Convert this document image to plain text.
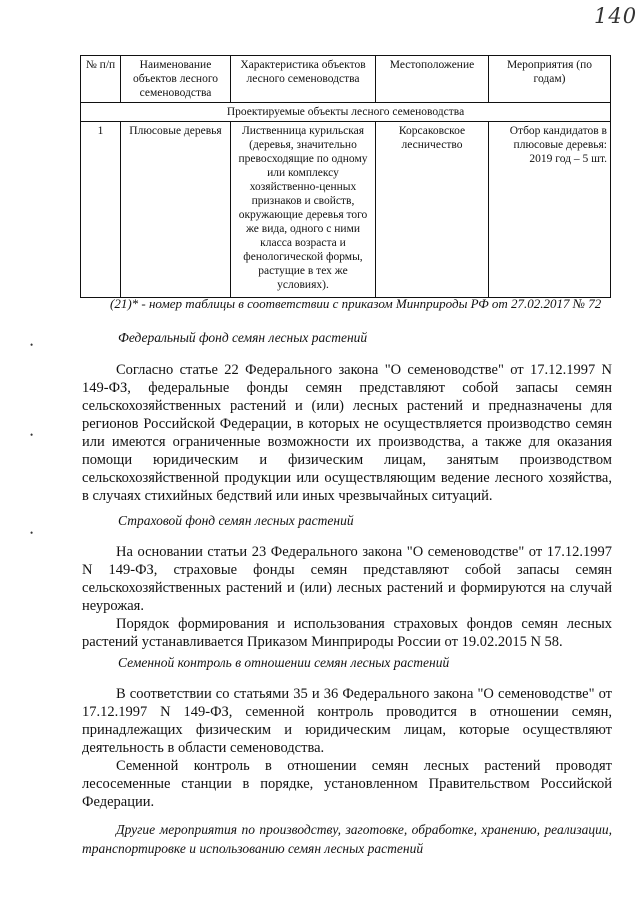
140
№ п/п	Наименование объектов лесного семеноводства	Характеристика объектов лесного семеноводства	Местоположение	Мероприятия (по годам)
Проектируемые объекты лесного семеноводства				
1	Плюсовые деревья	Лиственница курильская (деревья, значительно превосходящие по одному или комплексу хозяйственно-ценных признаков и свойств, окружающие деревья того же вида, одного с ними класса возраста и фенологической формы, растущие в тех же условиях).	Корсаковское лесничество	Отбор кандидатов в плюсовые деревья: 2019 год – 5 шт.
(21)* - номер таблицы в соответствии с приказом Минприроды РФ от 27.02.2017 № 72
•
•
•
Федеральный фонд семян лесных растений

Согласно статье 22 Федерального закона "О семеноводстве" от 17.12.1997 N 149-ФЗ, федеральные фонды семян представляют собой запасы семян сельскохозяйственных растений и (или) лесных растений и предназначены для регионов Российской Федерации, в которых не осуществляется производство семян или имеются ограниченные возможности их производства, а также для оказания помощи юридическим и физическим лицам, занятым производством сельскохозяйственной продукции или осуществляющим ведение лесного хозяйства, в случаях стихийных бедствий или иных чрезвычайных ситуаций.

Страховой фонд семян лесных растений

На основании статьи 23 Федерального закона "О семеноводстве" от 17.12.1997 N 149-ФЗ, страховые фонды семян представляют собой запасы семян сельскохозяйственных растений и (или) лесных растений и формируются на случай неурожая.

Порядок формирования и использования страховых фондов семян лесных растений устанавливается Приказом Минприроды России от 19.02.2015 N 58.

Семенной контроль в отношении семян лесных растений

В соответствии со статьями 35 и 36 Федерального закона "О семеноводстве" от 17.12.1997 N 149-ФЗ, семенной контроль проводится в отношении семян, принадлежащих физическим и юридическим лицам, которые осуществляют деятельность в области семеноводства.

Семенной контроль в отношении семян лесных растений проводят лесосеменные станции в порядке, установленном Правительством Российской Федерации.

Другие мероприятия по производству, заготовке, обработке, хранению, реализации, транспортировке и использованию семян лесных растений
